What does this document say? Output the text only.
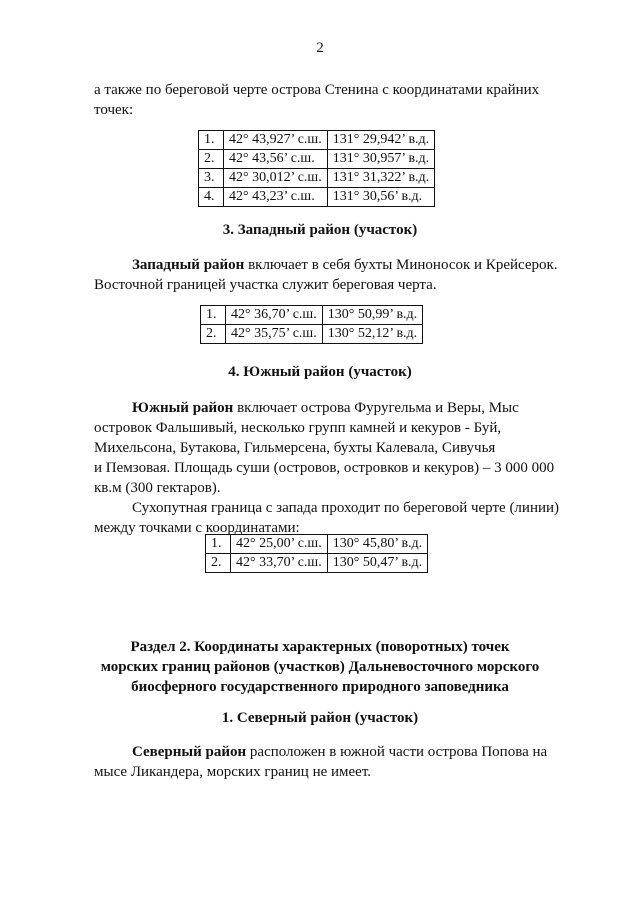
2
а также по береговой черте острова Стенина с координатами крайних
точек:
1.	42° 43,927’ с.ш.	131° 29,942’ в.д.
2.	42° 43,56’ с.ш.	131° 30,957’ в.д.
3.	42° 30,012’ с.ш.	131° 31,322’ в.д.
4.	42° 43,23’ с.ш.	131° 30,56’ в.д.
3. Западный район (участок)
Западный район включает в себя бухты Миноносок и Крейсерок.
Восточной границей участка служит береговая черта.
1.	42° 36,70’ с.ш.	130° 50,99’ в.д.
2.	42° 35,75’ с.ш.	130° 52,12’ в.д.
4. Южный район (участок)
Южный район включает острова Фуругельма и Веры, Мыс
островок Фальшивый, несколько групп камней и кекуров - Буй,
Михельсона, Бутакова, Гильмерсена, бухты Калевала, Сивучья
и Пемзовая. Площадь суши (островов, островков и кекуров) – 3 000 000
кв.м (300 гектаров).
Сухопутная граница с запада проходит по береговой черте (линии)
между точками с координатами:
1.	42° 25,00’ с.ш.	130° 45,80’ в.д.
2.	42° 33,70’ с.ш.	130° 50,47’ в.д.
Раздел 2. Координаты характерных (поворотных) точек
морских границ районов (участков) Дальневосточного морского
биосферного государственного природного заповедника
1. Северный район (участок)
Северный район расположен в южной части острова Попова на
мысе Ликандера, морских границ не имеет.
